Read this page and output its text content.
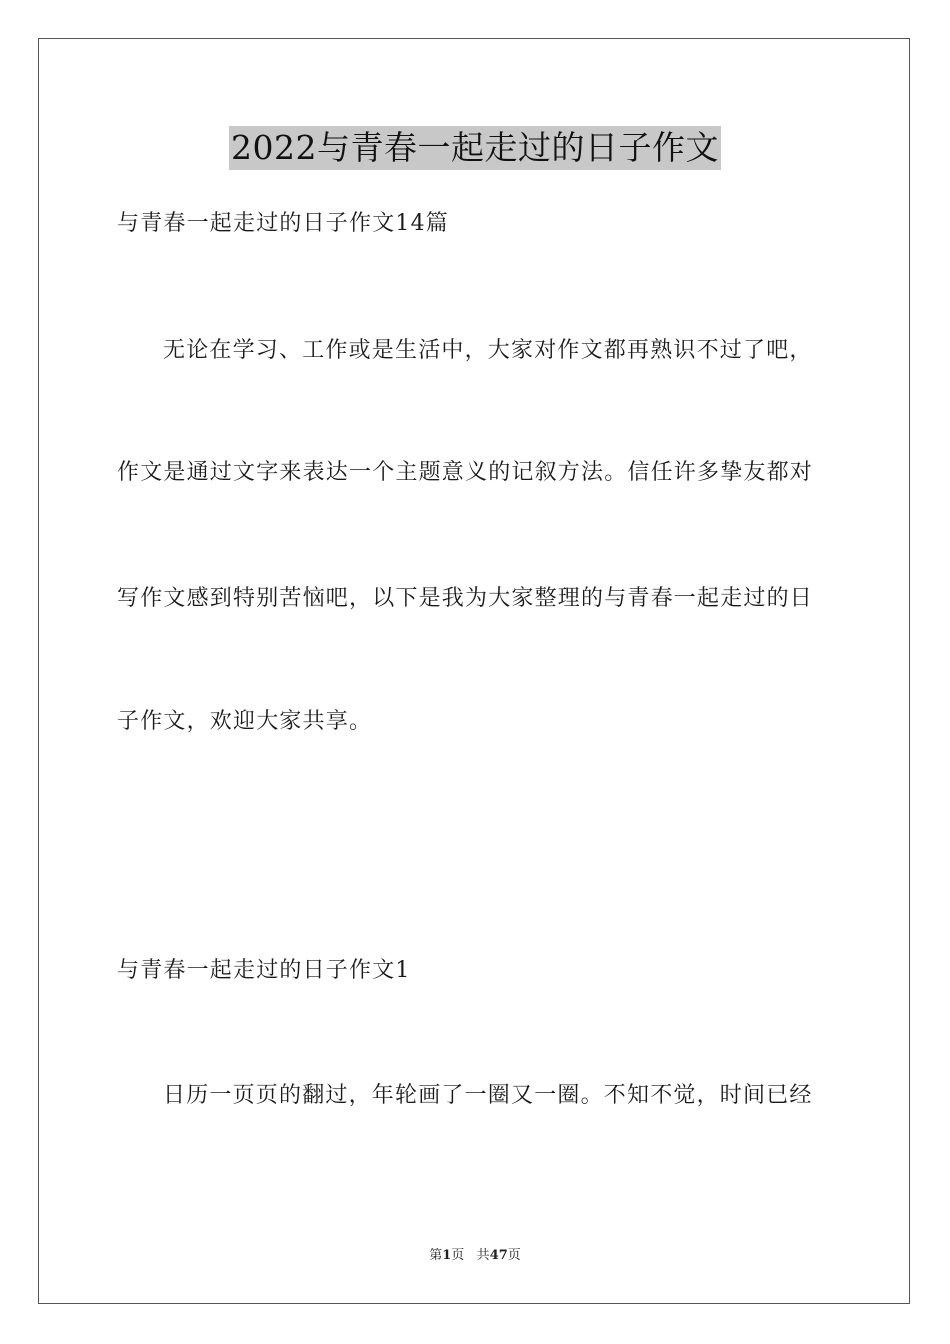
2022与青春一起走过的日子作文

与青春一起走过的日子作文14篇

无论在学习、工作或是生活中，大家对作文都再熟识不过了吧，

作文是通过文字来表达一个主题意义的记叙方法。信任许多挚友都对

写作文感到特别苦恼吧，以下是我为大家整理的与青春一起走过的日

子作文，欢迎大家共享。

与青春一起走过的日子作文1

日历一页页的翻过，年轮画了一圈又一圈。不知不觉，时间已经

第1页 共47页
